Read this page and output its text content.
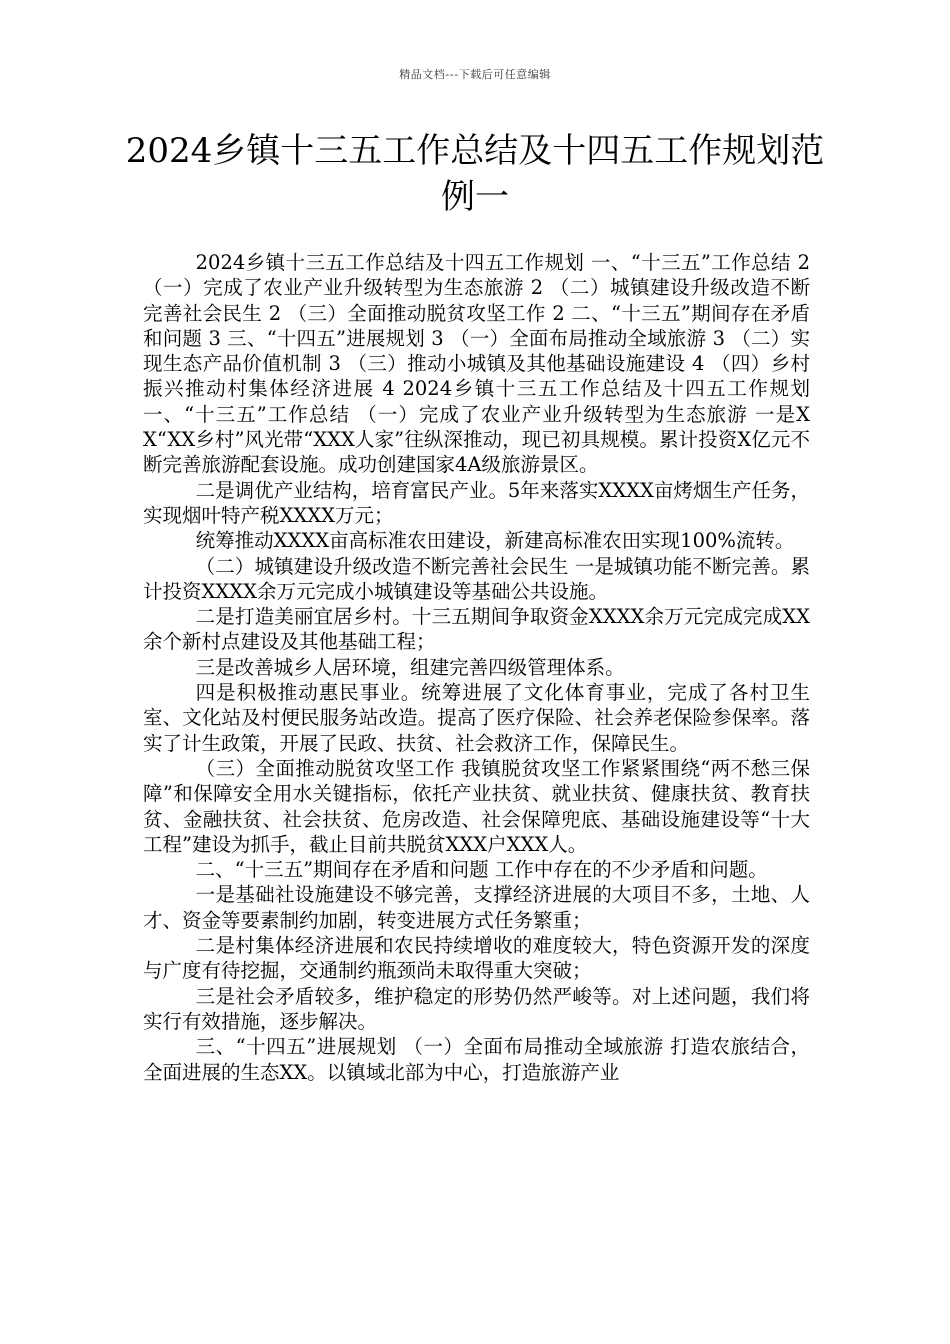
精品文档---下载后可任意编辑
2024乡镇十三五工作总结及十四五工作规划范例一

2024乡镇十三五工作总结及十四五工作规划 一、“十三五”工作总结 2 （一）完成了农业产业升级转型为生态旅游 2 （二）城镇建设升级改造不断完善社会民生 2 （三）全面推动脱贫攻坚工作 2 二、“十三五”期间存在矛盾和问题 3 三、“十四五”进展规划 3 （一）全面布局推动全域旅游 3 （二）实现生态产品价值机制 3 （三）推动小城镇及其他基础设施建设 4 （四）乡村振兴推动村集体经济进展 4 2024乡镇十三五工作总结及十四五工作规划 一、“十三五”工作总结 （一）完成了农业产业升级转型为生态旅游 一是XX“XX乡村”风光带“XXX人家”往纵深推动，现已初具规模。累计投资X亿元不断完善旅游配套设施。成功创建国家4A级旅游景区。

二是调优产业结构，培育富民产业。5年来落实XXXX亩烤烟生产任务，实现烟叶特产税XXXX万元；

统筹推动XXXX亩高标准农田建设，新建高标准农田实现100%流转。

（二）城镇建设升级改造不断完善社会民生 一是城镇功能不断完善。累计投资XXXX余万元完成小城镇建设等基础公共设施。

二是打造美丽宜居乡村。十三五期间争取资金XXXX余万元完成完成XX余个新村点建设及其他基础工程；

三是改善城乡人居环境，组建完善四级管理体系。

四是积极推动惠民事业。统筹进展了文化体育事业，完成了各村卫生室、文化站及村便民服务站改造。提高了医疗保险、社会养老保险参保率。落实了计生政策，开展了民政、扶贫、社会救济工作，保障民生。

（三）全面推动脱贫攻坚工作 我镇脱贫攻坚工作紧紧围绕“两不愁三保障”和保障安全用水关键指标，依托产业扶贫、就业扶贫、健康扶贫、教育扶贫、金融扶贫、社会扶贫、危房改造、社会保障兜底、基础设施建设等“十大工程”建设为抓手，截止目前共脱贫XXX户XXX人。

二、“十三五”期间存在矛盾和问题 工作中存在的不少矛盾和问题。

一是基础社设施建设不够完善，支撑经济进展的大项目不多，土地、人才、资金等要素制约加剧，转变进展方式任务繁重；

二是村集体经济进展和农民持续增收的难度较大，特色资源开发的深度与广度有待挖掘，交通制约瓶颈尚未取得重大突破；

三是社会矛盾较多，维护稳定的形势仍然严峻等。对上述问题，我们将实行有效措施，逐步解决。

三、“十四五”进展规划 （一）全面布局推动全域旅游 打造农旅结合，全面进展的生态XX。以镇域北部为中心，打造旅游产业
